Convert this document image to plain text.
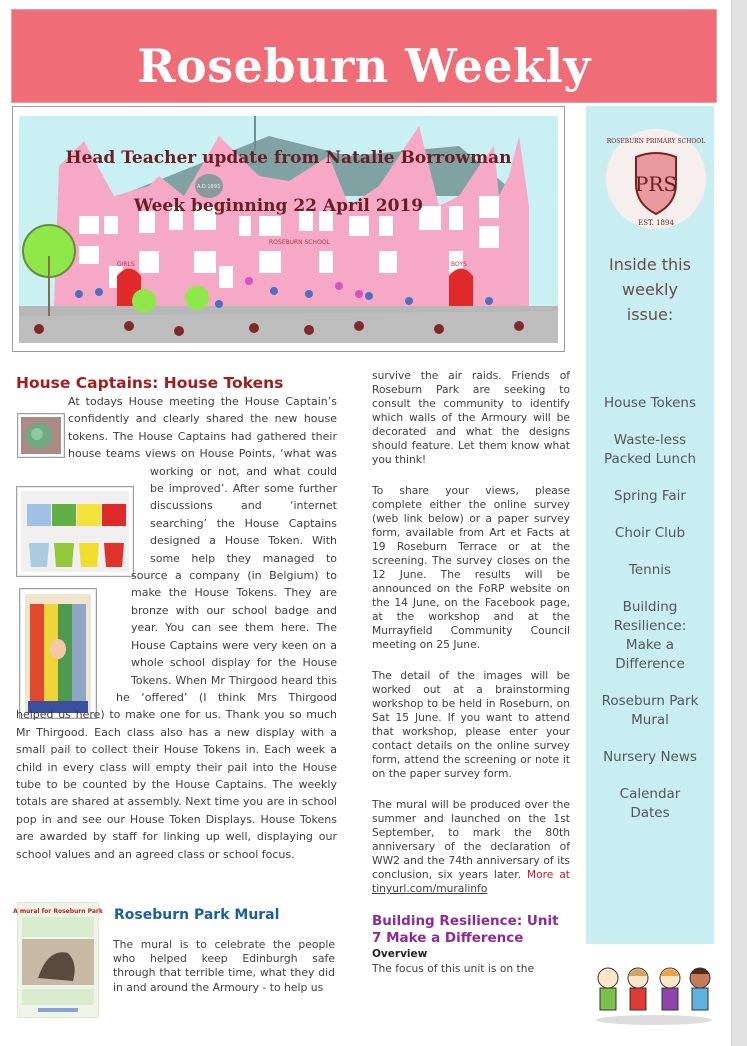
Roseburn Weekly
ROSEBURN SCHOOL
GIRLS	BOYS
A.D.1893
Head Teacher update from Natalie Borrowman
Week beginning 22 April 2019
PRS
ROSEBURN PRIMARY SCHOOL
EST. 1894
Inside this
weekly
issue:
House Tokens
Waste-less Packed Lunch
Spring Fair
Choir Club
Tennis
Building Resilience: Make a Difference
Roseburn Park Mural
Nursery News
Calendar Dates
House Captains: House Tokens
At todays House meeting the House Captain’s confidently and clearly shared the new house tokens. The House Captains had gathered their house teams views on House Points, ‘what was working or not, and what could be improved’. After some further discussions and ‘internet searching’ the House Captains designed a House Token. With some help they managed to source a company (in Belgium) to make the House Tokens. They are bronze with our school badge and year. You can see them here. The House Captains were very keen on a whole school display for the House Tokens. When Mr Thirgood heard this he ‘offered’ (I think Mrs Thirgood helped us here) to make one for us. Thank you so much Mr Thirgood. Each class also has a new display with a small pail to collect their House Tokens in. Each week a child in every class will empty their pail into the House tube to be counted by the House Captains. The weekly totals are shared at assembly. Next time you are in school pop in and see our House Token Displays. House Tokens are awarded by staff for linking up well, displaying our school values and an agreed class or school focus.
A mural for Roseburn Park Roseburn Park Mural
The mural is to celebrate the people who helped keep Edinburgh safe through that terrible time, what they did in and around the Armoury - to help us

survive the air raids. Friends of Roseburn Park are seeking to consult the community to identify which walls of the Armoury will be decorated and what the designs should feature. Let them know what you think!

To share your views, please complete either the online survey (web link below) or a paper survey form, available from Art et Facts at 19 Roseburn Terrace or at the screening. The survey closes on the 12 June. The results will be announced on the FoRP website on the 14 June, on the Facebook page, at the workshop and at the Murrayfield Community Council meeting on 25 June.

The detail of the images will be worked out at a brainstorming workshop to be held in Roseburn, on Sat 15 June. If you want to attend that workshop, please enter your contact details on the online survey form, attend the screening or note it on the paper survey form.

The mural will be produced over the summer and launched on the 1st September, to mark the 80th anniversary of the declaration of WW2 and the 74th anniversary of its conclusion, six years later. More at tinyurl.com/muralinfo

Building Resilience: Unit 7 Make a Difference
Overview
The focus of this unit is on the
